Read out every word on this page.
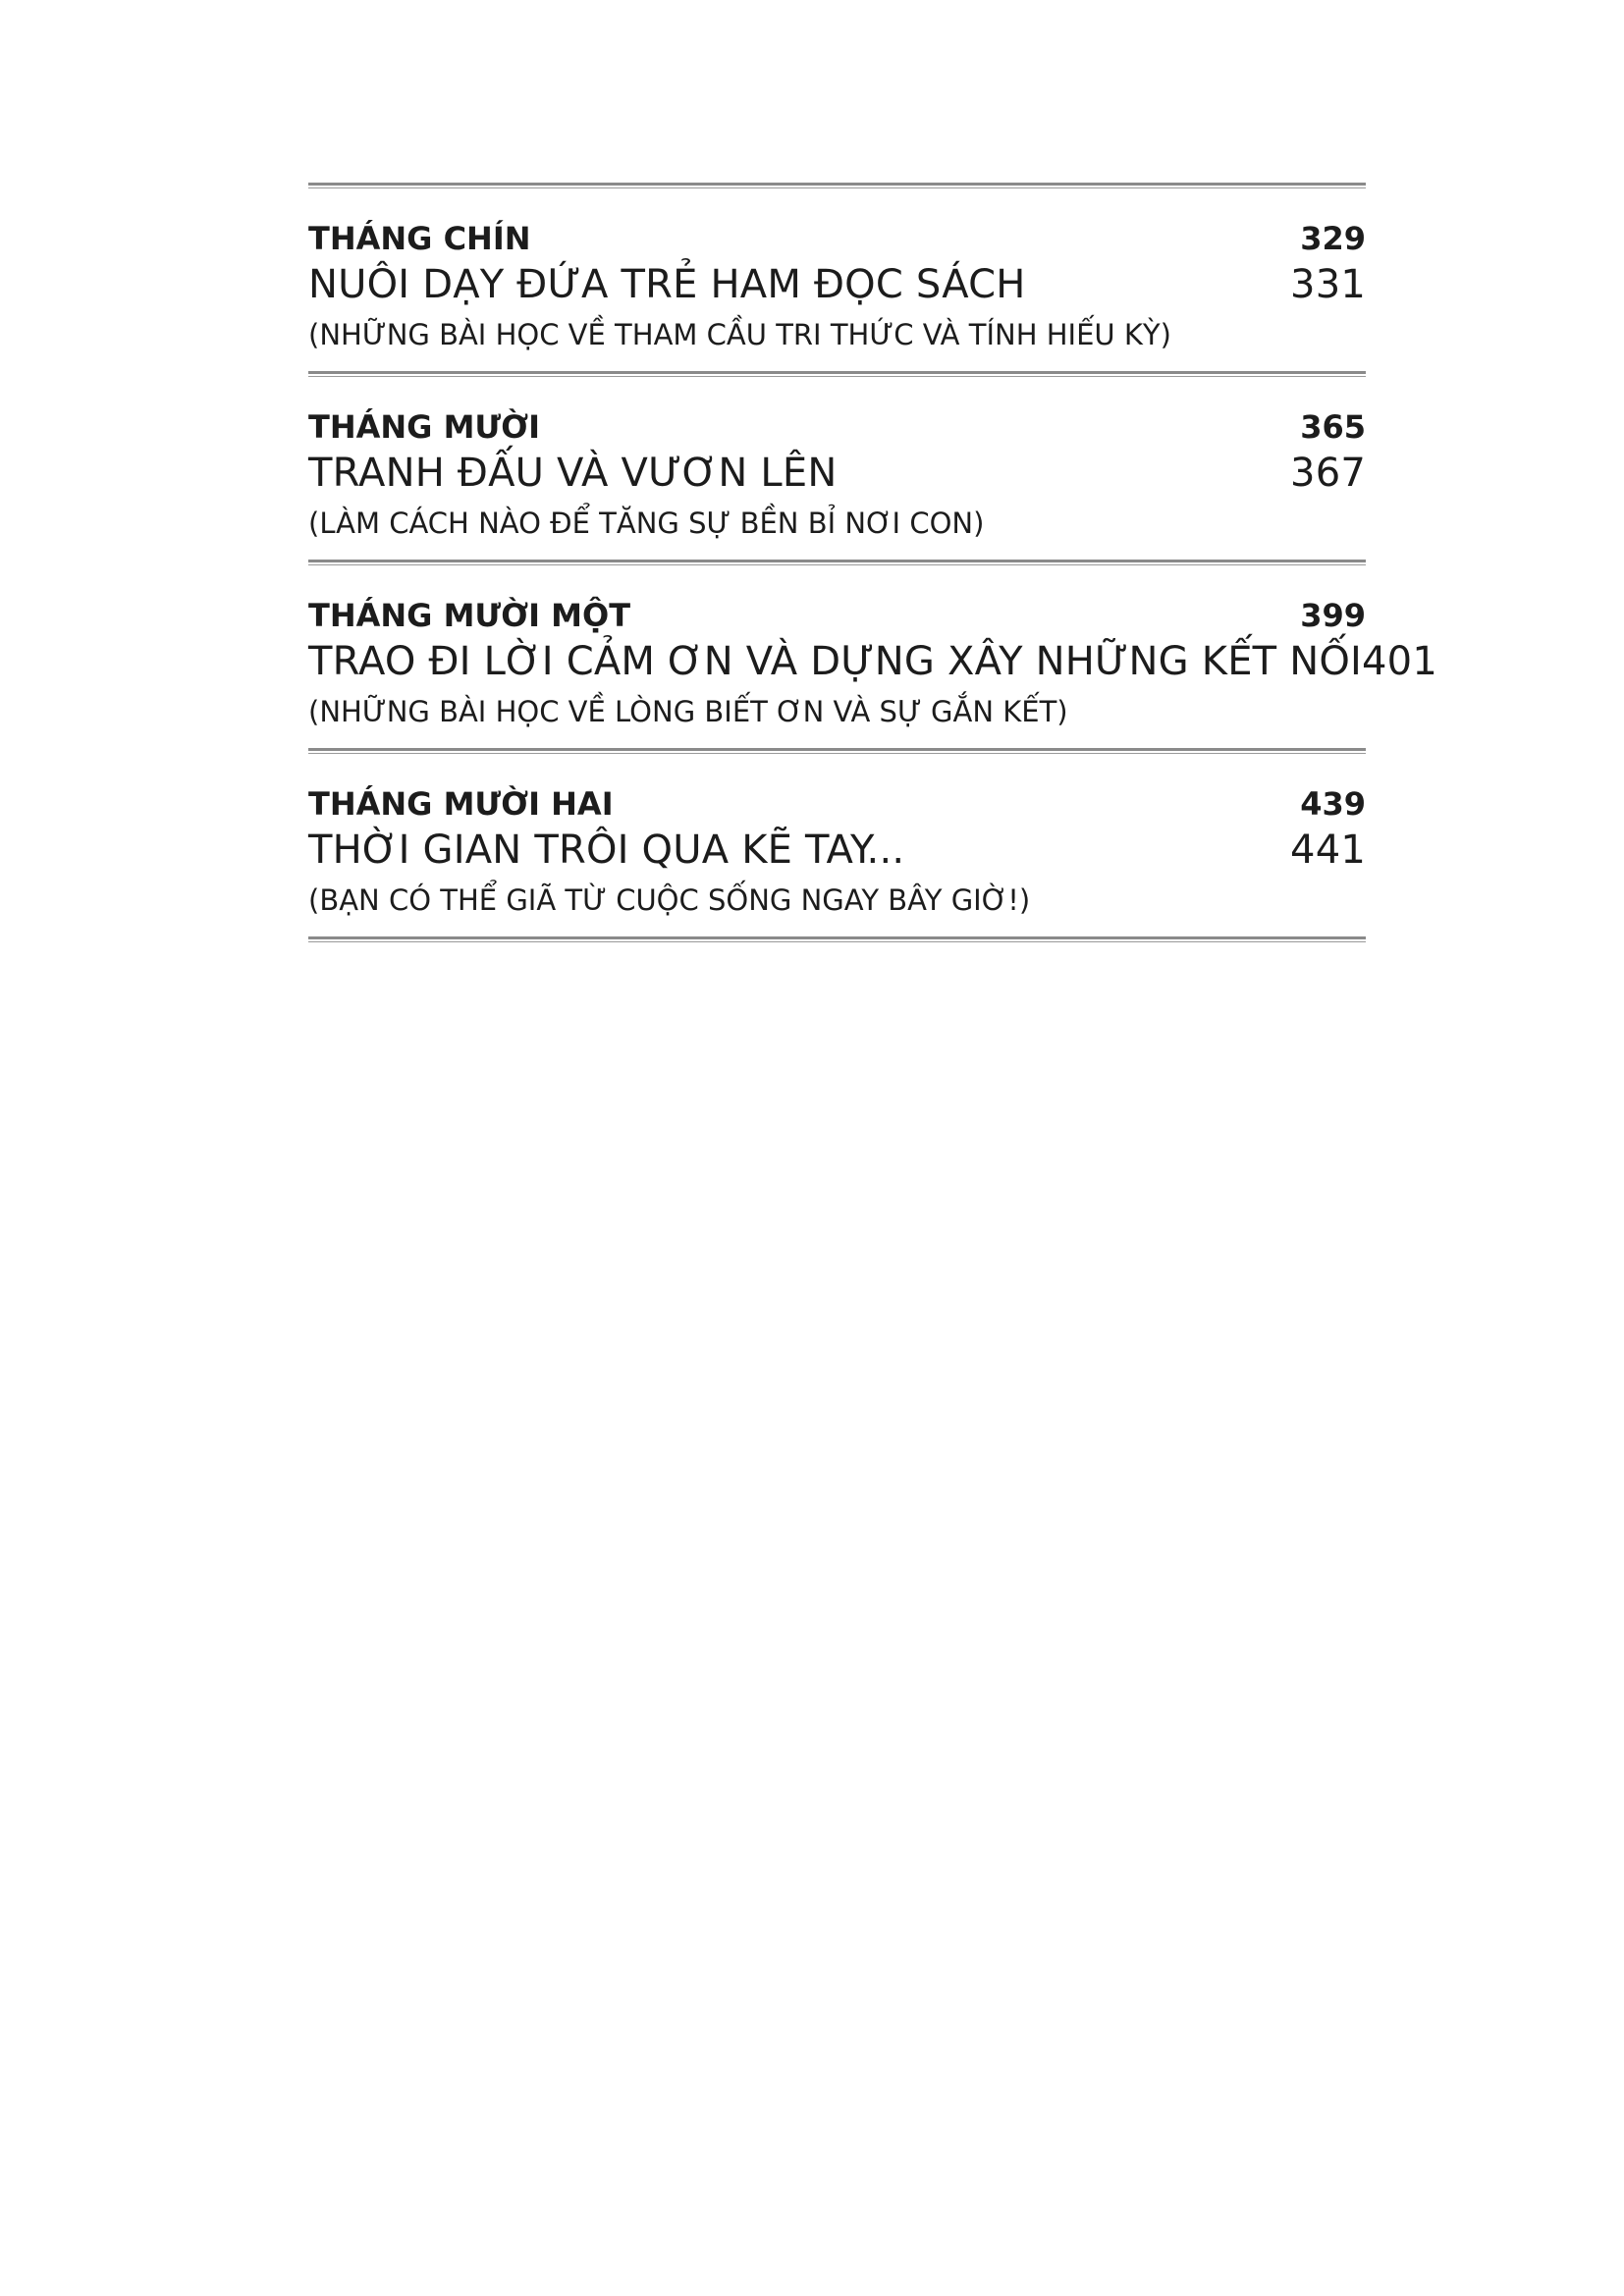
THÁNG CHÍN	329
NUÔI DẠY ĐỨA TRẺ HAM ĐỌC SÁCH	331
(NHỮNG BÀI HỌC VỀ THAM CẦU TRI THỨC VÀ TÍNH HIẾU KỲ)
THÁNG MƯỜI	365
TRANH ĐẤU VÀ VƯƠN LÊN	367
(LÀM CÁCH NÀO ĐỂ TĂNG SỰ BỀN BỈ NƠI CON)
THÁNG MƯỜI MỘT	399
TRAO ĐI LỜI CẢM ƠN VÀ DỰNG XÂY NHỮNG KẾT NỐI 401
(NHỮNG BÀI HỌC VỀ LÒNG BIẾT ƠN VÀ SỰ GẮN KẾT)
THÁNG MƯỜI HAI	439
THỜI GIAN TRÔI QUA KẼ TAY...	441
(BẠN CÓ THỂ GIÃ TỪ CUỘC SỐNG NGAY BÂY GIỜ!)
